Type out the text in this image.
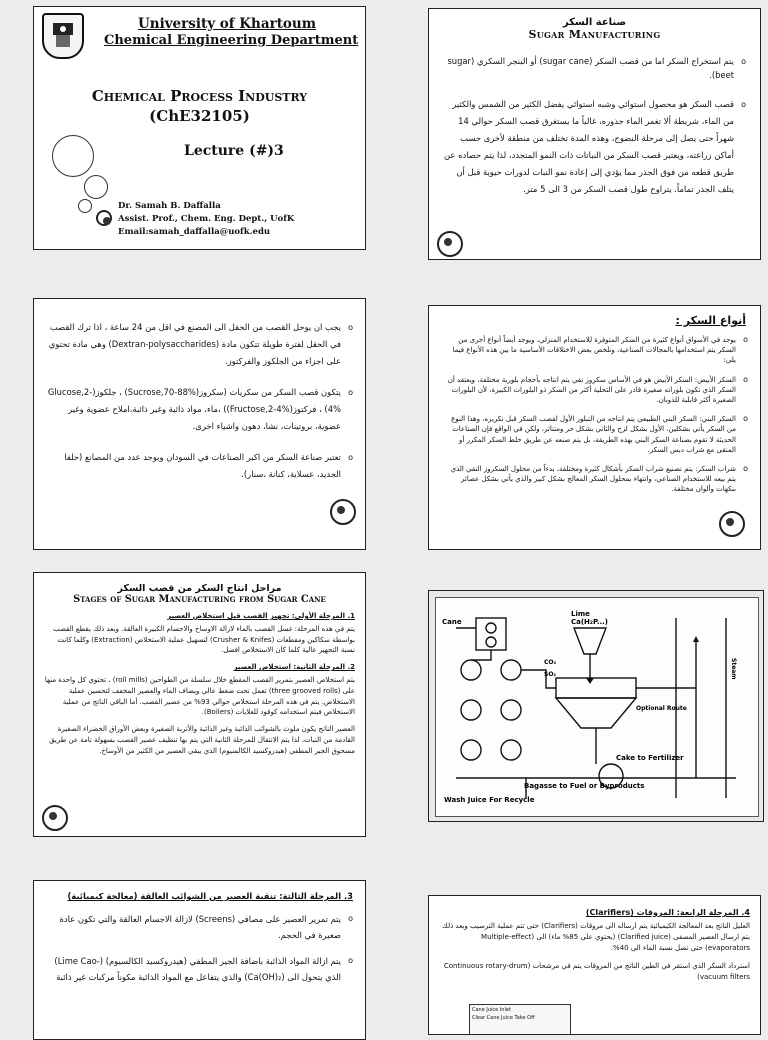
University of Khartoum
Chemical Engineering Department
Chemical Process Industry
(ChE32105)
Lecture (#)3
Dr. Samah B. Daffalla
Assist. Prof., Chem. Eng. Dept., UofK
Email:samah_daffalla@uofk.edu
صناعة السكر
Sugar Manufacturing

o يتم استخراج السكر اما من قصب السكر (sugar cane) أو البنجر السكري (sugar beet).

o قصب السكر هو محصول استوائي وشبه استوائي يفضل الكثير من الشمس والكثير من الماء، شريطة ألا تغمر الماء جذوره، غالباً ما يستغرق قصب السكر حوالي 14 شهراً حتى يصل إلى مرحلة النضوج، وهذه المدة تختلف من منطقة لأخرى حسب أماكن زراعته، ويعتبر قصب السكر من النباتات ذات النمو المتجدد، لذا يتم حصاده عن طريق قطعه من فوق الجذر مما يؤدي إلى إعادة نمو النبات لدورات حيوية قبل أن يتلف الجذر تماماً. يتراوح طول قصب السكر من 3 الى 5 متر.

o يجب ان يوحل القصب من الحقل الى المصنع في اقل من 24 ساعة ، اذا ترك القصب في الحقل لفترة طويلة تتكون مادة (Dextran-polysaccharides) وهي مادة تحتوي على اجزاء من الجلكوز والفركتوز.

o يتكون قصب السكر من سكريات (سكروز(Sucrose,70-88%) ، جلكوز(Glucose,2-4%) ، فركتوز(Fructose,2-4%)) ،ماء، مواد ذائبة وغير ذائبة،املاح عضوية وغير عضوية، بروتينات، نشا، دهون واشياء اخرى.

o تعتبر صناعة السكر من اكبر الصناعات في السودان ويوجد عدد من المصانع (حلفا الجديد، عسلاية، كنانة ،سنار).

أنواع السكر :

o يوجد في الأسواق أنواع كثيرة من السكر المتوفرة للاستخدام المنزلي، ويوجد أيضاً أنواع أخرى من السكر يتم استخدامها بالمجالات الصناعية، ونلخص بعض الاختلافات الأساسية ما بين هذه الأنواع فيما يلي:

o السكر الأبيض: السكر الأبيض هو في الأساس سكروز نقي يتم انتاجه بأحجام بلورية مختلفة، ويعتقد أن السكر الذي تكون بلوراته صغيرة قادر على التحلية أكثر من السكر ذو البلورات الكبيرة، لأن البلورات الصغيرة أكثر قابلية للذوبان.

o السكر البني: السكر البني الطبيعي يتم انتاجه من التبلور الأول لقصب السكر قبل تكريره، وهذا النوع من السكر يأتي بشكلين، الأول بشكل لزج والثاني بشكل حر ومتناثر، ولكن في الواقع فإن الصناعات الحديثة لا تقوم بصناعة السكر البني بهذه الطريقة، بل يتم صنعه عن طريق خلط السكر المكرر أو المنقى مع شراب دبس السكر.

o شراب السكر: يتم تصنيع شراب السكر بأشكال كثيرة ومختلفة، بدءاً من محلول السكروز النقي الذي يتم بيعه للاستخدام الصناعي، وانتهاء بمحلول السكر المعالج بشكل كبير والذي يأتي بشكل عصائر بنكهات وألوان مختلفة.

مراحل انتاج السكر من قصب السكر
Stages of Sugar Manufacturing from Sugar Cane
1. المرحلة الأولى: تجهيز القصب قبل استخلاص العصير

يتم في هذه المرحلة: غسل القصب بالماء لازالة الاوساخ والاجسام الكبيرة العالقة. وبعد ذلك يقطع القصب بواسطة سكاكين ومقطعات (Crusher & Knifes) لتسهيل عملية الاستخلاص (Extraction) وكلما كانت نسبة التجهيز عالية كلما كان الاستخلاص افضل.

2. المرحلة الثانية: استخلاص العصير

يتم استخلاص العصير بتمرير القصب المقطع خلال سلسلة من الطواحين (roll mills) ، تحتوي كل واحدة منها على (three grooved rolls) تعمل تحت ضغط عالي ويضاف الماء والعصير المخفف لتحسين عملية الاستخلاص. يتم في هذه المرحلة استخلاص حوالي 93% من عصير القصب. أما الباقي الناتج من عملية الاستخلاص فيتم استخدامه كوقود للغلايات (Boilers).

العصير الناتج يكون ملوث بالشوائب الذائبة وغير الذائبة والأتربة الصغيرة وبعض الأوراق الخضراء الصغيرة القادمة من النبات، لذا يتم الانتقال للمرحلة الثانية التي يتم بها تنظيف عصير القصب بسهولة تامة عن طريق مسحوق الجير المطفي (هيدروكسيد الكالسيوم) الذي يبقي العصير من الكثير من الأوساخ.

Cane
Lime
Ca(H₂P...)
CO₂
SO₂
Optional Route
Cake to Fertilizer
Bagasse to Fuel or Byproducts
Wash Juice For Recycle
Steam
3. المرحلة الثالثة: تنقية العصير من الشوائب العالقة (معالجة كيميائية)

o يتم تمرير العصير على مصافي (Screens) لازالة الاجسام العالقة والتي تكون عادة صغيرة في الحجم.

o يتم ازالة المواد الذائبة باضافة الجير المطفي (هيدروكسيد الكالسيوم) (-Lime Cao) الذي يتحول الى (Ca(OH)₂) والذي يتفاعل مع المواد الذائبة مكوناً مركبات غير ذائبة

4. المرحلة الرابعة: المروقات (Clarifiers)

العليل الناتج بعد المعالجة الكيميائية يتم ارساله الى مروقات (Clarifiers) حتى تتم عملية الترسيب وبعد ذلك يتم ارسال العصير المصفى (Clarified juice) (يحتوي على 85% ماء) الى (Multiple-effect evaporators) حتى تصل نسبة الماء الى 40%.

استرداد السكر الذي استقر في الطين الناتج من المروقات يتم في مرشحات (Continuous rotary-drum vacuum filters)

Cane Juice Inlet
Clear Cane Juice Take Off
